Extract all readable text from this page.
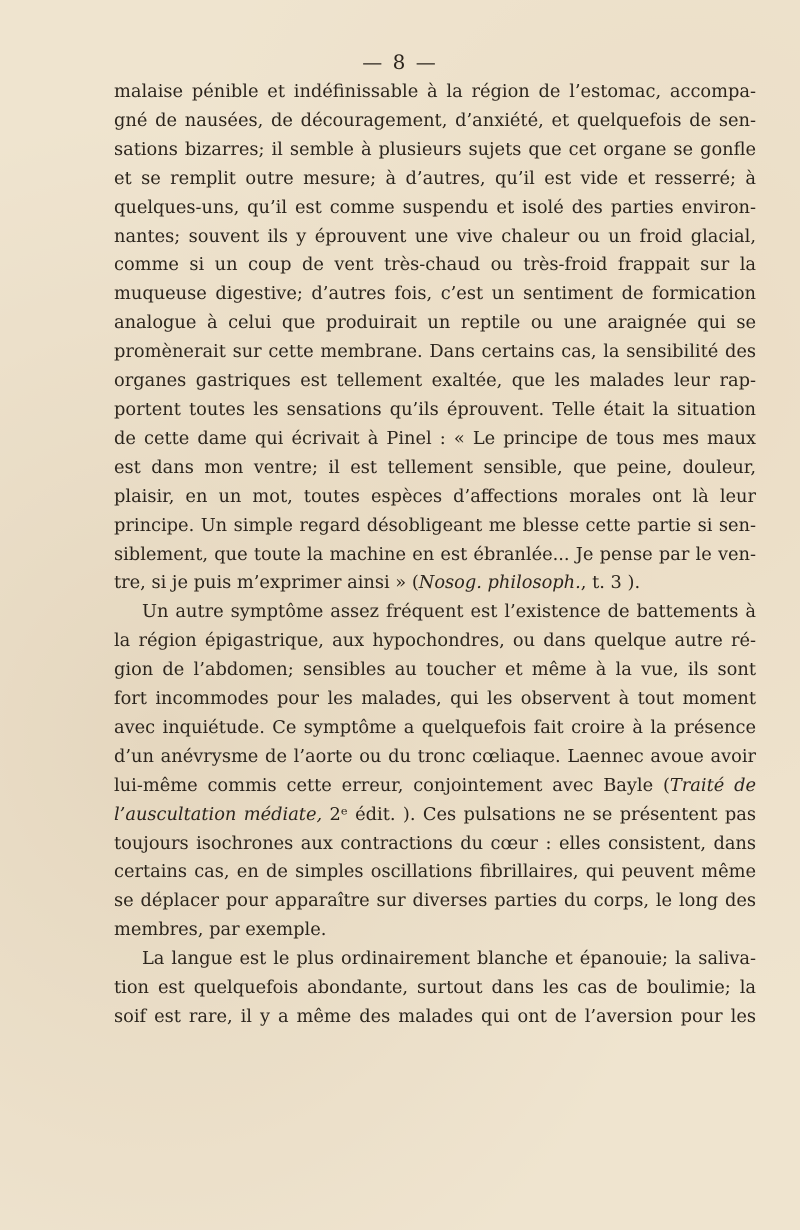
— 8 —
malaise pénible et indéfinissable à la région de l’estomac, accompa-
gné de nausées, de découragement, d’anxiété, et quelquefois de sen-
sations bizarres; il semble à plusieurs sujets que cet organe se gonfle
et se remplit outre mesure; à d’autres, qu’il est vide et resserré; à
quelques-uns, qu’il est comme suspendu et isolé des parties environ-
nantes; souvent ils y éprouvent une vive chaleur ou un froid glacial,
comme si un coup de vent très-chaud ou très-froid frappait sur la
muqueuse digestive; d’autres fois, c’est un sentiment de formication
analogue à celui que produirait un reptile ou une araignée qui se
promènerait sur cette membrane. Dans certains cas, la sensibilité des
organes gastriques est tellement exaltée, que les malades leur rap-
portent toutes les sensations qu’ils éprouvent. Telle était la situation
de cette dame qui écrivait à Pinel : « Le principe de tous mes maux
est dans mon ventre; il est tellement sensible, que peine, douleur,
plaisir, en un mot, toutes espèces d’affections morales ont là leur
principe. Un simple regard désobligeant me blesse cette partie si sen-
siblement, que toute la machine en est ébranlée... Je pense par le ven-
tre, si je puis m’exprimer ainsi » (Nosog. philosoph., t. 3 ).
Un autre symptôme assez fréquent est l’existence de battements à
la région épigastrique, aux hypochondres, ou dans quelque autre ré-
gion de l’abdomen; sensibles au toucher et même à la vue, ils sont
fort incommodes pour les malades, qui les observent à tout moment
avec inquiétude. Ce symptôme a quelquefois fait croire à la présence
d’un anévrysme de l’aorte ou du tronc cœliaque. Laennec avoue avoir
lui-même commis cette erreur, conjointement avec Bayle (Traité de
l’auscultation médiate, 2ᵉ édit. ). Ces pulsations ne se présentent pas
toujours isochrones aux contractions du cœur : elles consistent, dans
certains cas, en de simples oscillations fibrillaires, qui peuvent même
se déplacer pour apparaître sur diverses parties du corps, le long des
membres, par exemple.
La langue est le plus ordinairement blanche et épanouie; la saliva-
tion est quelquefois abondante, surtout dans les cas de boulimie; la
soif est rare, il y a même des malades qui ont de l’aversion pour les
